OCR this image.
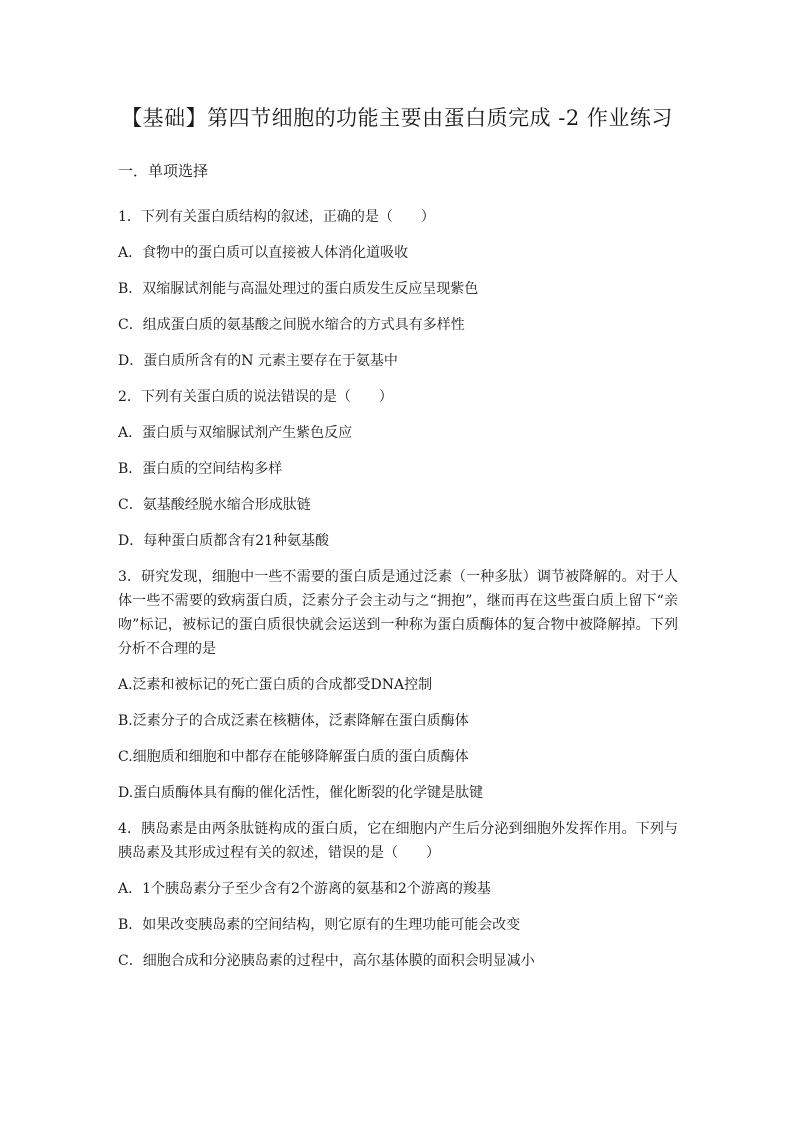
【基础】第四节细胞的功能主要由蛋白质完成 -2 作业练习
一．单项选择

1．下列有关蛋白质结构的叙述，正确的是（　　）

A．食物中的蛋白质可以直接被人体消化道吸收

B．双缩脲试剂能与高温处理过的蛋白质发生反应呈现紫色

C．组成蛋白质的氨基酸之间脱水缩合的方式具有多样性

D．蛋白质所含有的N 元素主要存在于氨基中

2．下列有关蛋白质的说法错误的是（　　）

A．蛋白质与双缩脲试剂产生紫色反应

B．蛋白质的空间结构多样

C．氨基酸经脱水缩合形成肽链

D．每种蛋白质都含有21种氨基酸

3．研究发现，细胞中一些不需要的蛋白质是通过泛素（一种多肽）调节被降解的。对于人体一些不需要的致病蛋白质，泛素分子会主动与之“拥抱”，继而再在这些蛋白质上留下“亲吻”标记，被标记的蛋白质很快就会运送到一种称为蛋白质酶体的复合物中被降解掉。下列分析不合理的是

A.泛素和被标记的死亡蛋白质的合成都受DNA控制

B.泛素分子的合成泛素在核糖体，泛素降解在蛋白质酶体

C.细胞质和细胞和中都存在能够降解蛋白质的蛋白质酶体

D.蛋白质酶体具有酶的催化活性，催化断裂的化学键是肽键

4．胰岛素是由两条肽链构成的蛋白质，它在细胞内产生后分泌到细胞外发挥作用。下列与胰岛素及其形成过程有关的叙述，错误的是（　　）

A．1个胰岛素分子至少含有2个游离的氨基和2个游离的羧基

B．如果改变胰岛素的空间结构，则它原有的生理功能可能会改变

C．细胞合成和分泌胰岛素的过程中，高尔基体膜的面积会明显减小
